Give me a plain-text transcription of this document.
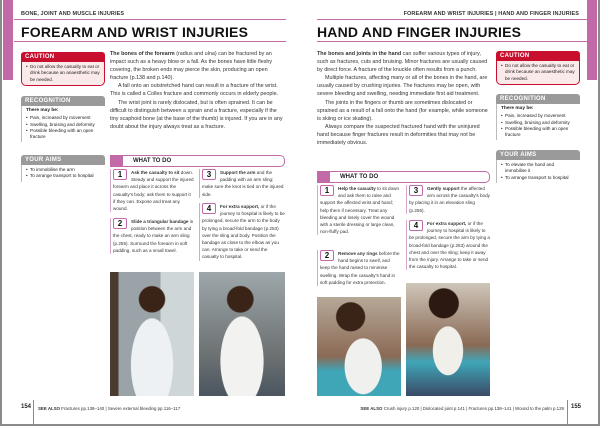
BONE, JOINT AND MUSCLE INJURIES
FOREARM AND WRIST INJURIES
CAUTION
• Do not allow the casualty to eat or drink because an anaesthetic may be needed.
RECOGNITION
There may be:
• Pain, increased by movement
• Swelling, bruising and deformity
• Possible bleeding with an open fracture
YOUR AIMS
• To immobilise the arm
• To arrange transport to hospital

The bones of the forearm (radius and ulna) can be fractured by an impact such as a heavy blow or a fall. As the bones have little fleshy covering, the broken ends may pierce the skin, producing an open fracture (p.138 and p.140).

A fall onto an outstretched hand can result in a fracture of the wrist. This is called a Colles fracture and commonly occurs in elderly people.

The wrist joint is rarely dislocated, but is often sprained. It can be difficult to distinguish between a sprain and a fracture, especially if the tiny scaphoid bone (at the base of the thumb) is injured. If you are in any doubt about the injury always treat as a fracture.

WHAT TO DO
1	Ask the casualty to sit down. Steady and support the injured forearm and place it across the casualty's body; ask them to support it if they can. Expose and treat any wound.
2	Slide a triangular bandage in position between the arm and the chest, ready to make an arm sling (p.255). Surround the forearm in soft padding, such as a small towel.
3	Support the arm and the padding with an arm sling; make sure the knot is tied on the injured side.
4	For extra support, or if the journey to hospital is likely to be prolonged, secure the arm to the body by tying a broad-fold bandage (p.253) over the sling and body. Position the bandage as close to the elbow as you can. Arrange to take or send the casualty to hospital.
154 SEE ALSO Fractures pp.138–140 | Severe external bleeding pp.116–117
FOREARM AND WRIST INJURIES | HAND AND FINGER INJURIES
HAND AND FINGER INJURIES

The bones and joints in the hand can suffer various types of injury, such as fractures, cuts and bruising. Minor fractures are usually caused by direct force. A fracture of the knuckle often results from a punch.

Multiple fractures, affecting many or all of the bones in the hand, are usually caused by crushing injuries. The fractures may be open, with severe bleeding and swelling, needing immediate first aid treatment.

The joints in the fingers or thumb are sometimes dislocated or sprained as a result of a fall onto the hand (for example, while someone is skiing or ice skating).

Always compare the suspected fractured hand with the uninjured hand because finger fractures result in deformities that may not be immediately obvious.

CAUTION
• Do not allow the casualty to eat or drink because an anaesthetic may be needed.
RECOGNITION
There may be:
• Pain, increased by movement
• Swelling, bruising and deformity
• Possible bleeding with an open fracture
YOUR AIMS
• To elevate the hand and immobilise it
• To arrange transport to hospital
WHAT TO DO
1	Help the casualty to sit down and ask them to raise and support the affected wrist and hand; help them if necessary. Treat any bleeding and losely cover the wound with a sterile dressing or large clean, non-fluffy pad.
2	Remove any rings before the hand begins to swell, and keep the hand raised to minimise swelling. Wrap the casualty's hand in soft padding for extra protection.
3	Gently support the affected arm across the casualty's body by placing it in an elevation sling (p.256).
4	For extra support, or if the journey to hospital is likely to be prolonged, secure the arm by tying a broad-fold bandage (p.253) around the chest and over the sling; keep it away from the injury. Arrange to take or send the casualty to hospital.
SEE ALSO Crush injury p.120 | Dislocated joint p.141 | Fractures pp.138–141 | Wound to the palm p.129 155
